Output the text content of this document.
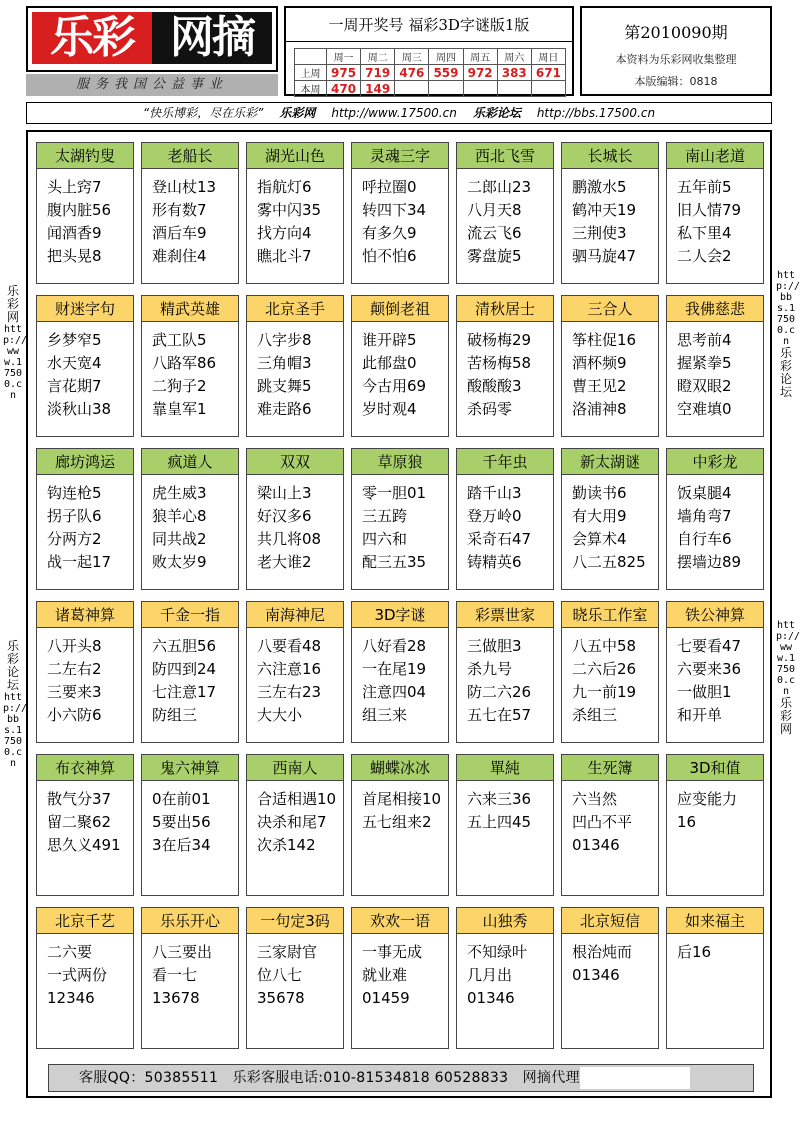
乐彩 网摘
服务我国公益事业
一周开奖号 福彩3D字谜版1版
	周一	周二	周三	周四	周五	周六	周日
上周	975	719	476	559	972	383	671
本周	470	149					
第2010090期
本资料为乐彩网收集整理
本版编辑：0818
“快乐博彩，尽在乐彩” 乐彩网 http://www.17500.cn 乐彩论坛 http://bbs.17500.cn
乐彩网
http://www.17500.cn
乐彩论坛
http://bbs.17500.cn
http://bbs.17500.cn
乐彩论坛
http://www.17500.cn
乐彩网
太湖钓叟
头上窍7
腹内脏56
闻酒香9
把头晃8
老船长
登山杖13
形有数7
酒后车9
难刹住4
湖光山色
指航灯6
雾中闪35
找方向4
瞧北斗7
灵魂三字
呼拉圈0
转四下34
有多久9
怕不怕6
西北飞雪
二郎山23
八月天8
流云飞6
雾盘旋5
长城长
鹏激水5
鹤冲天19
三荆使3
驷马旋47
南山老道
五年前5
旧人情79
私下里4
二人会2
财迷字句
乡梦窄5
水天宽4
言花期7
淡秋山38
精武英雄
武工队5
八路军86
二狗子2
靠皇军1
北京圣手
八字步8
三角帽3
跳支舞5
难走路6
颠倒老祖
谁开辟5
此郁盘0
今古用69
岁时观4
清秋居士
破杨梅29
苦杨梅58
酸酸酸3
杀码零
三合人
筝柱促16
酒杯频9
曹王见2
洛浦神8
我佛慈悲
思考前4
握紧拳5
瞪双眼2
空难填0
廊坊鸿运
钩连枪5
拐子队6
分两方2
战一起17
疯道人
虎生威3
狼羊心8
同共战2
败太岁9
双双
梁山上3
好汉多6
共几将08
老大谁2
草原狼
零一胆01
三五跨
四六和
配三五35
千年虫
踏千山3
登万岭0
采奇石47
铸精英6
新太湖谜
勤读书6
有大用9
会算术4
八二五825
中彩龙
饭桌腿4
墙角弯7
自行车6
摆墙边89
诸葛神算
八开头8
二左右2
三要来3
小六防6
千金一指
六五胆56
防四到24
七注意17
防组三
南海神尼
八要看48
六注意16
三左右23
大大小
3D字谜
八好看28
一在尾19
注意四04
组三来
彩票世家
三做胆3
杀九号
防二六26
五七在57
晓乐工作室
八五中58
二六后26
九一前19
杀组三
铁公神算
七要看47
六要来36
一做胆1
和开单
布衣神算
散气分37
留二聚62
思久义491
鬼六神算
0在前01
5要出56
3在后34
西南人
合适相遇10
决杀和尾7
次杀142
蝴蝶冰冰
首尾相接10
五七组来2
單純
六来三36
五上四45
生死簿
六当然
凹凸不平
01346
3D和值
应变能力
16
北京千艺
二六要
一式两份
12346
乐乐开心
八三要出
看一七
13678
一句定3码
三家尉官
位八七
35678
欢欢一语
一事无成
就业难
01459
山独秀
不知绿叶
几月出
01346
北京短信
根治炖而
01346
如来福主
后16
客服QQ：50385511 乐彩客服电话:010-81534818 60528833 网摘代理
